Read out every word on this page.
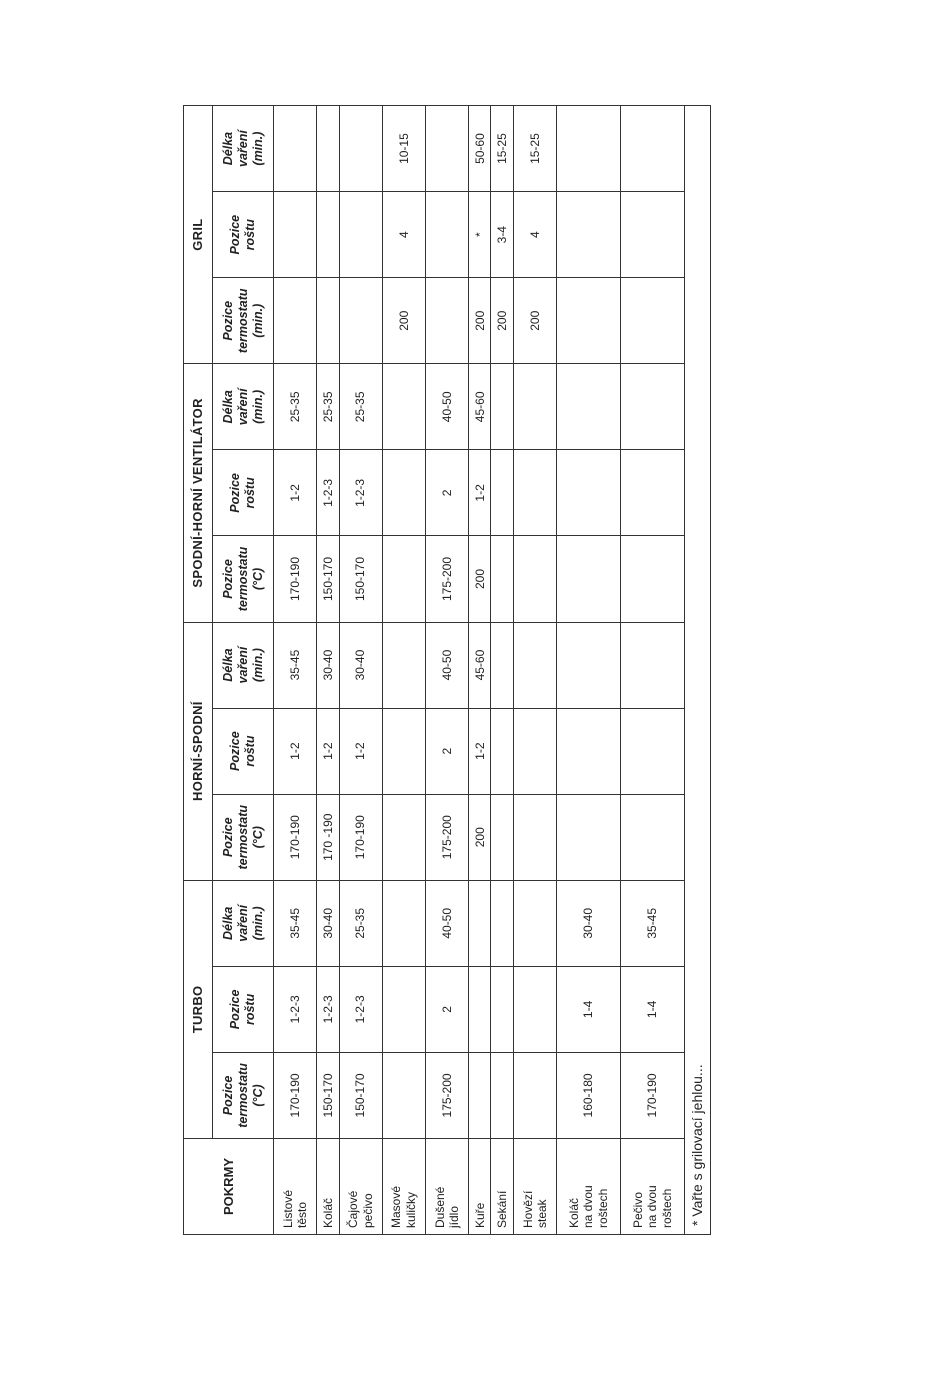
POKRMY	TURBO			HORNÍ-SPODNÍ			SPODNÍ-HORNÍ VENTILÁTOR			GRIL		

	Pozice termostatu (°C)	Pozice roštu	Délka vaření (min.)	Pozice termostatu (°C)	Pozice roštu	Délka vaření (min.)	Pozice termostatu (°C)	Pozice roštu	Délka vaření (min.)	Pozice termostatu (min.)	Pozice roštu	Délka vaření (min.)

Listové těsto	170-190	1-2-3	35-45	170-190	1-2	35-45	170-190	1-2	25-35			

Koláč	150-170	1-2-3	30-40	170 -190	1-2	30-40	150-170	1-2-3	25-35			

Čajové pečivo	150-170	1-2-3	25-35	170-190	1-2	30-40	150-170	1-2-3	25-35			

Masové kuličky										200	4	10-15

Dušené jídlo	175-200	2	40-50	175-200	2	40-50	175-200	2	40-50			

Kuře				200	1-2	45-60	200	1-2	45-60	200	*	50-60

Sekání										200	3-4	15-25

Hovězí steak										200	4	15-25

Koláč na dvou roštech	160-180	1-4	30-40									

Pečivo na dvou roštech	170-190	1-4	35-45									
* Vařte s grilovací jehlou...												
